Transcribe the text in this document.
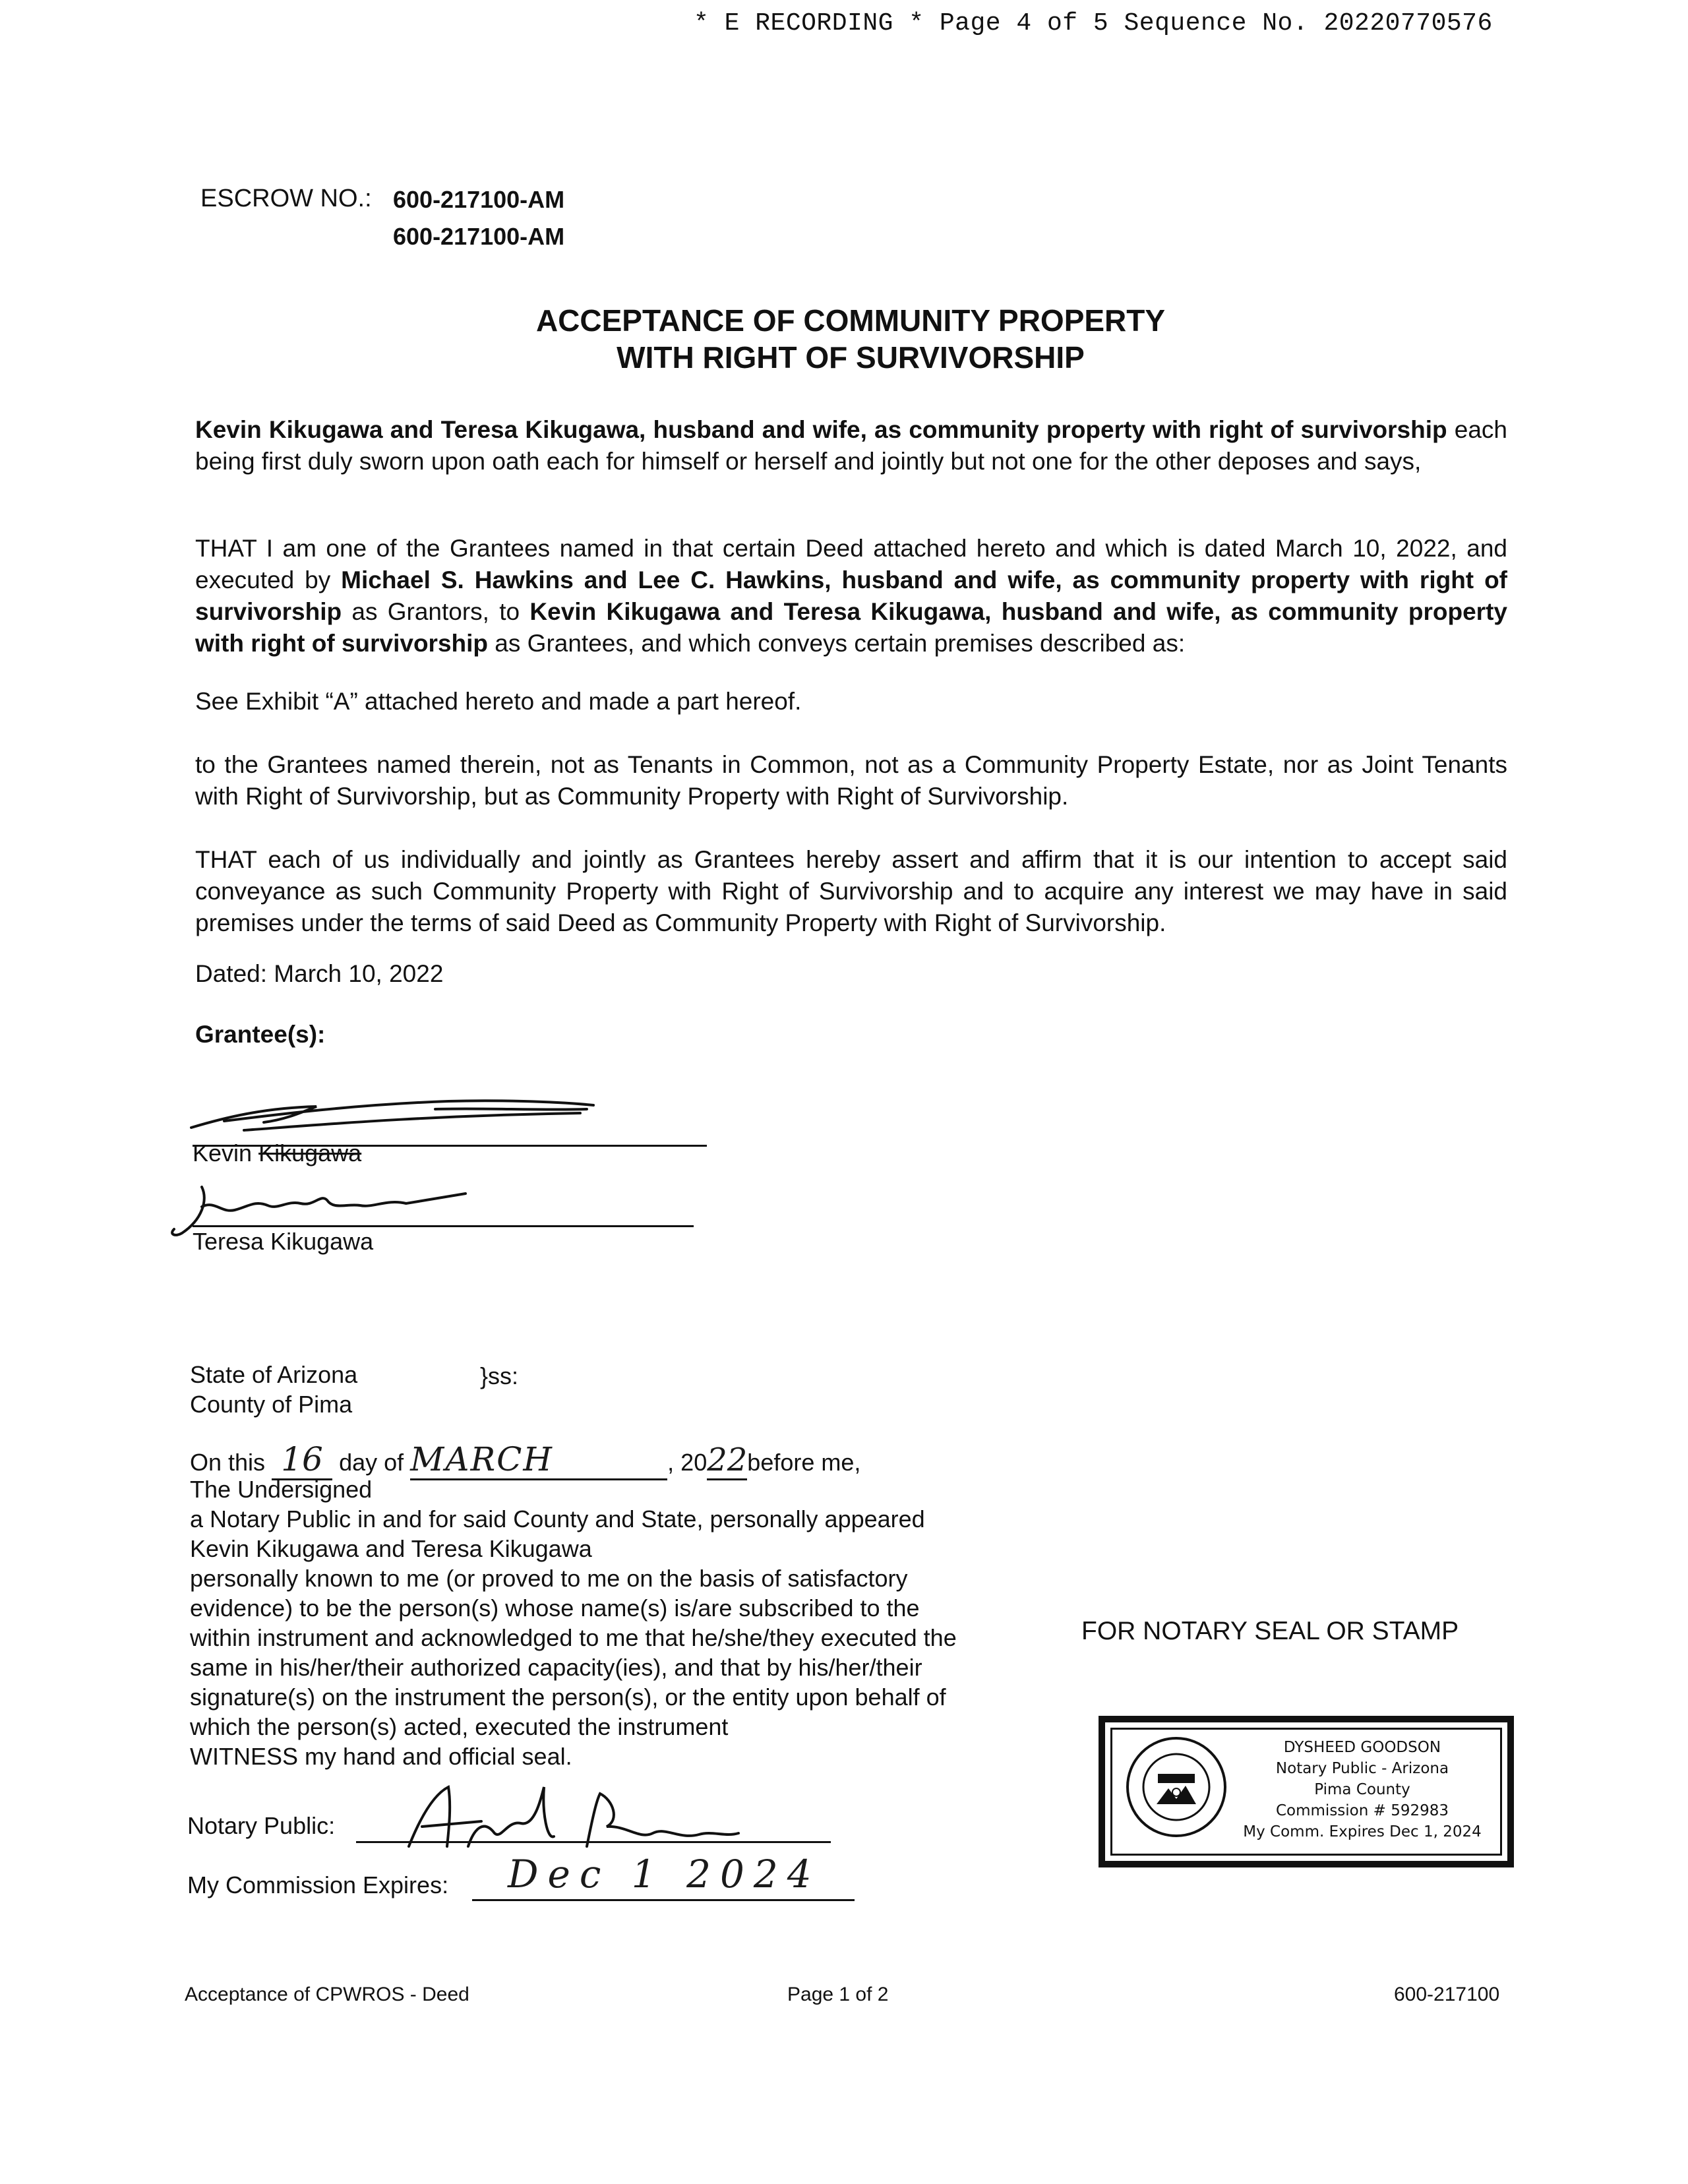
* E RECORDING * Page 4 of 5 Sequence No. 20220770576
ESCROW NO.: 600-217100-AM
600-217100-AM
ACCEPTANCE OF COMMUNITY PROPERTY
WITH RIGHT OF SURVIVORSHIP
Kevin Kikugawa and Teresa Kikugawa, husband and wife, as community property with right of survivorship each being first duly sworn upon oath each for himself or herself and jointly but not one for the other deposes and says,
THAT I am one of the Grantees named in that certain Deed attached hereto and which is dated March 10, 2022, and executed by Michael S. Hawkins and Lee C. Hawkins, husband and wife, as community property with right of survivorship as Grantors, to Kevin Kikugawa and Teresa Kikugawa, husband and wife, as community property with right of survivorship as Grantees, and which conveys certain premises described as:
See Exhibit “A” attached hereto and made a part hereof.
to the Grantees named therein, not as Tenants in Common, not as a Community Property Estate, nor as Joint Tenants with Right of Survivorship, but as Community Property with Right of Survivorship.
THAT each of us individually and jointly as Grantees hereby assert and affirm that it is our intention to accept said conveyance as such Community Property with Right of Survivorship and to acquire any interest we may have in said premises under the terms of said Deed as Community Property with Right of Survivorship.
Dated: March 10, 2022
Grantee(s):
Kevin Kikugawa
Teresa Kikugawa
State of Arizona
County of Pima
}ss:
On this 16 day of MARCH	, 2022before me,
The Undersigned
a Notary Public in and for said County and State, personally appeared
Kevin Kikugawa and Teresa Kikugawa
personally known to me (or proved to me on the basis of satisfactory
evidence) to be the person(s) whose name(s) is/are subscribed to the
within instrument and acknowledged to me that he/she/they executed the
same in his/her/their authorized capacity(ies), and that by his/her/their
signature(s) on the instrument the person(s), or the entity upon behalf of
which the person(s) acted, executed the instrument
WITNESS my hand and official seal.
Notary Public:
My Commission Expires: Dec 1 2024
FOR NOTARY SEAL OR STAMP
DYSHEED GOODSON
Notary Public - Arizona
Pima County
Commission # 592983
My Comm. Expires Dec 1, 2024
Acceptance of CPWROS - Deed	Page 1 of 2	600-217100
